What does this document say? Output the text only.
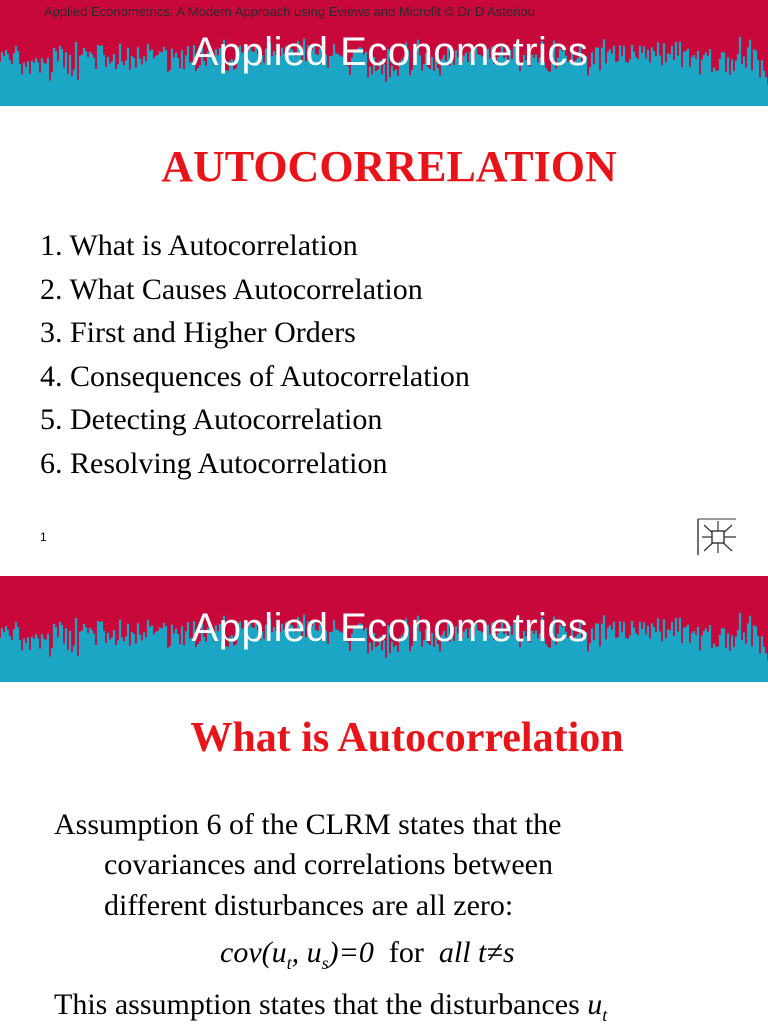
Applied Econometrics: A Modern Approach using Eviews and Microfit © Dr D Asteriou
Applied Econometrics
AUTOCORRELATION
1. What is Autocorrelation
2. What Causes Autocorrelation
3. First and Higher Orders
4. Consequences of Autocorrelation
5. Detecting Autocorrelation
6. Resolving Autocorrelation
1
Applied Econometrics
What is Autocorrelation
Assumption 6 of the CLRM states that the
covariances and correlations between
different disturbances are all zero:
$cov(u_t$, $u_s)=0$  for  all t≠s
This assumption states that the disturbances $u_t$
